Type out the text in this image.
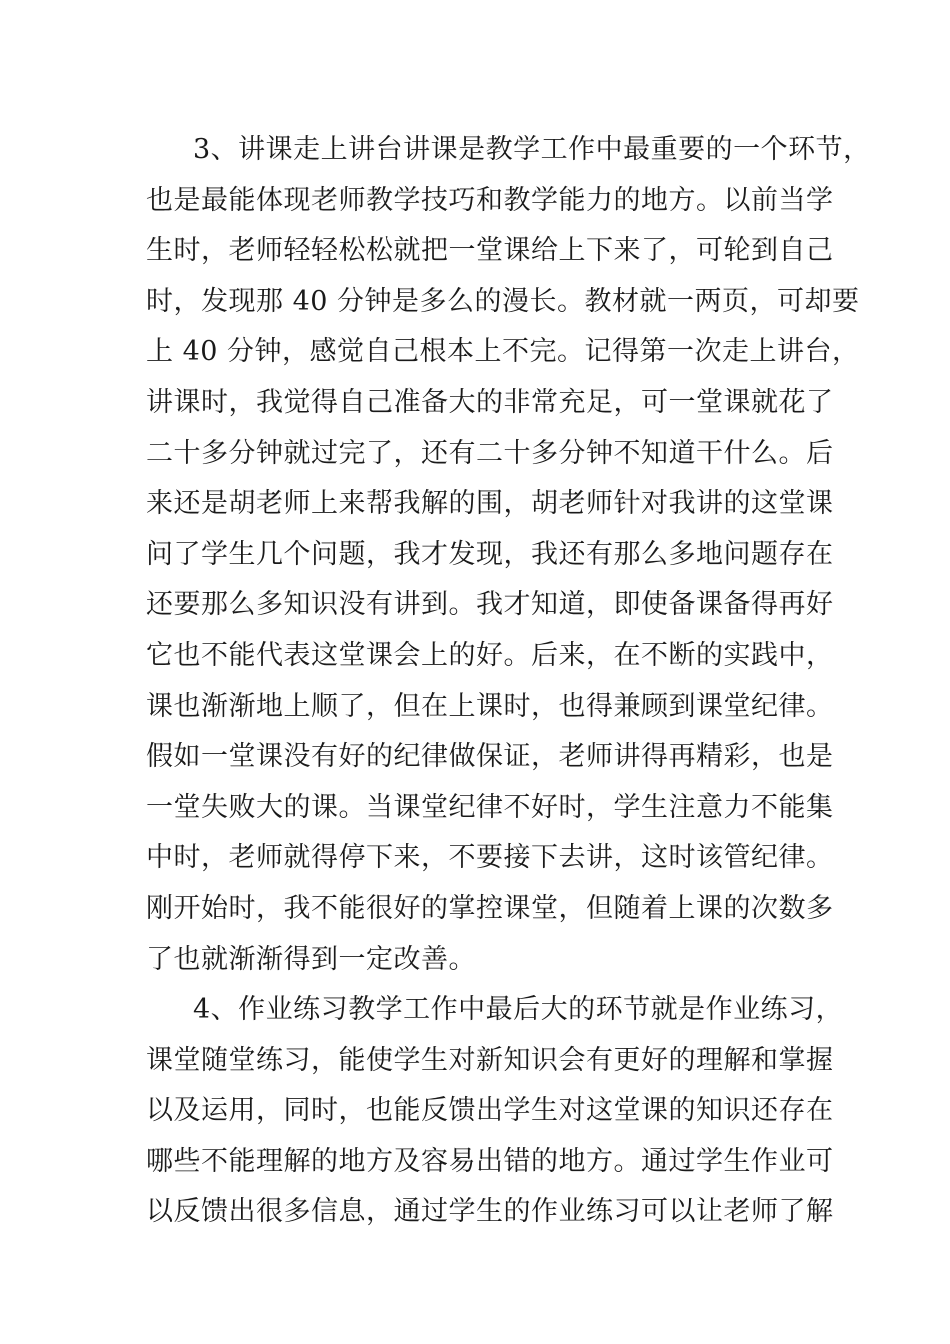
3、讲课走上讲台讲课是教学工作中最重要的一个环节，
也是最能体现老师教学技巧和教学能力的地方。以前当学
生时，老师轻轻松松就把一堂课给上下来了，可轮到自己
时，发现那 40 分钟是多么的漫长。教材就一两页，可却要
上 40 分钟，感觉自己根本上不完。记得第一次走上讲台，
讲课时，我觉得自己准备大的非常充足，可一堂课就花了
二十多分钟就过完了，还有二十多分钟不知道干什么。后
来还是胡老师上来帮我解的围，胡老师针对我讲的这堂课
问了学生几个问题，我才发现，我还有那么多地问题存在
还要那么多知识没有讲到。我才知道，即使备课备得再好
它也不能代表这堂课会上的好。后来，在不断的实践中，
课也渐渐地上顺了，但在上课时，也得兼顾到课堂纪律。
假如一堂课没有好的纪律做保证，老师讲得再精彩，也是
一堂失败大的课。当课堂纪律不好时，学生注意力不能集
中时，老师就得停下来，不要接下去讲，这时该管纪律。
刚开始时，我不能很好的掌控课堂，但随着上课的次数多
了也就渐渐得到一定改善。
4、作业练习教学工作中最后大的环节就是作业练习，
课堂随堂练习，能使学生对新知识会有更好的理解和掌握
以及运用，同时，也能反馈出学生对这堂课的知识还存在
哪些不能理解的地方及容易出错的地方。通过学生作业可
以反馈出很多信息，通过学生的作业练习可以让老师了解
